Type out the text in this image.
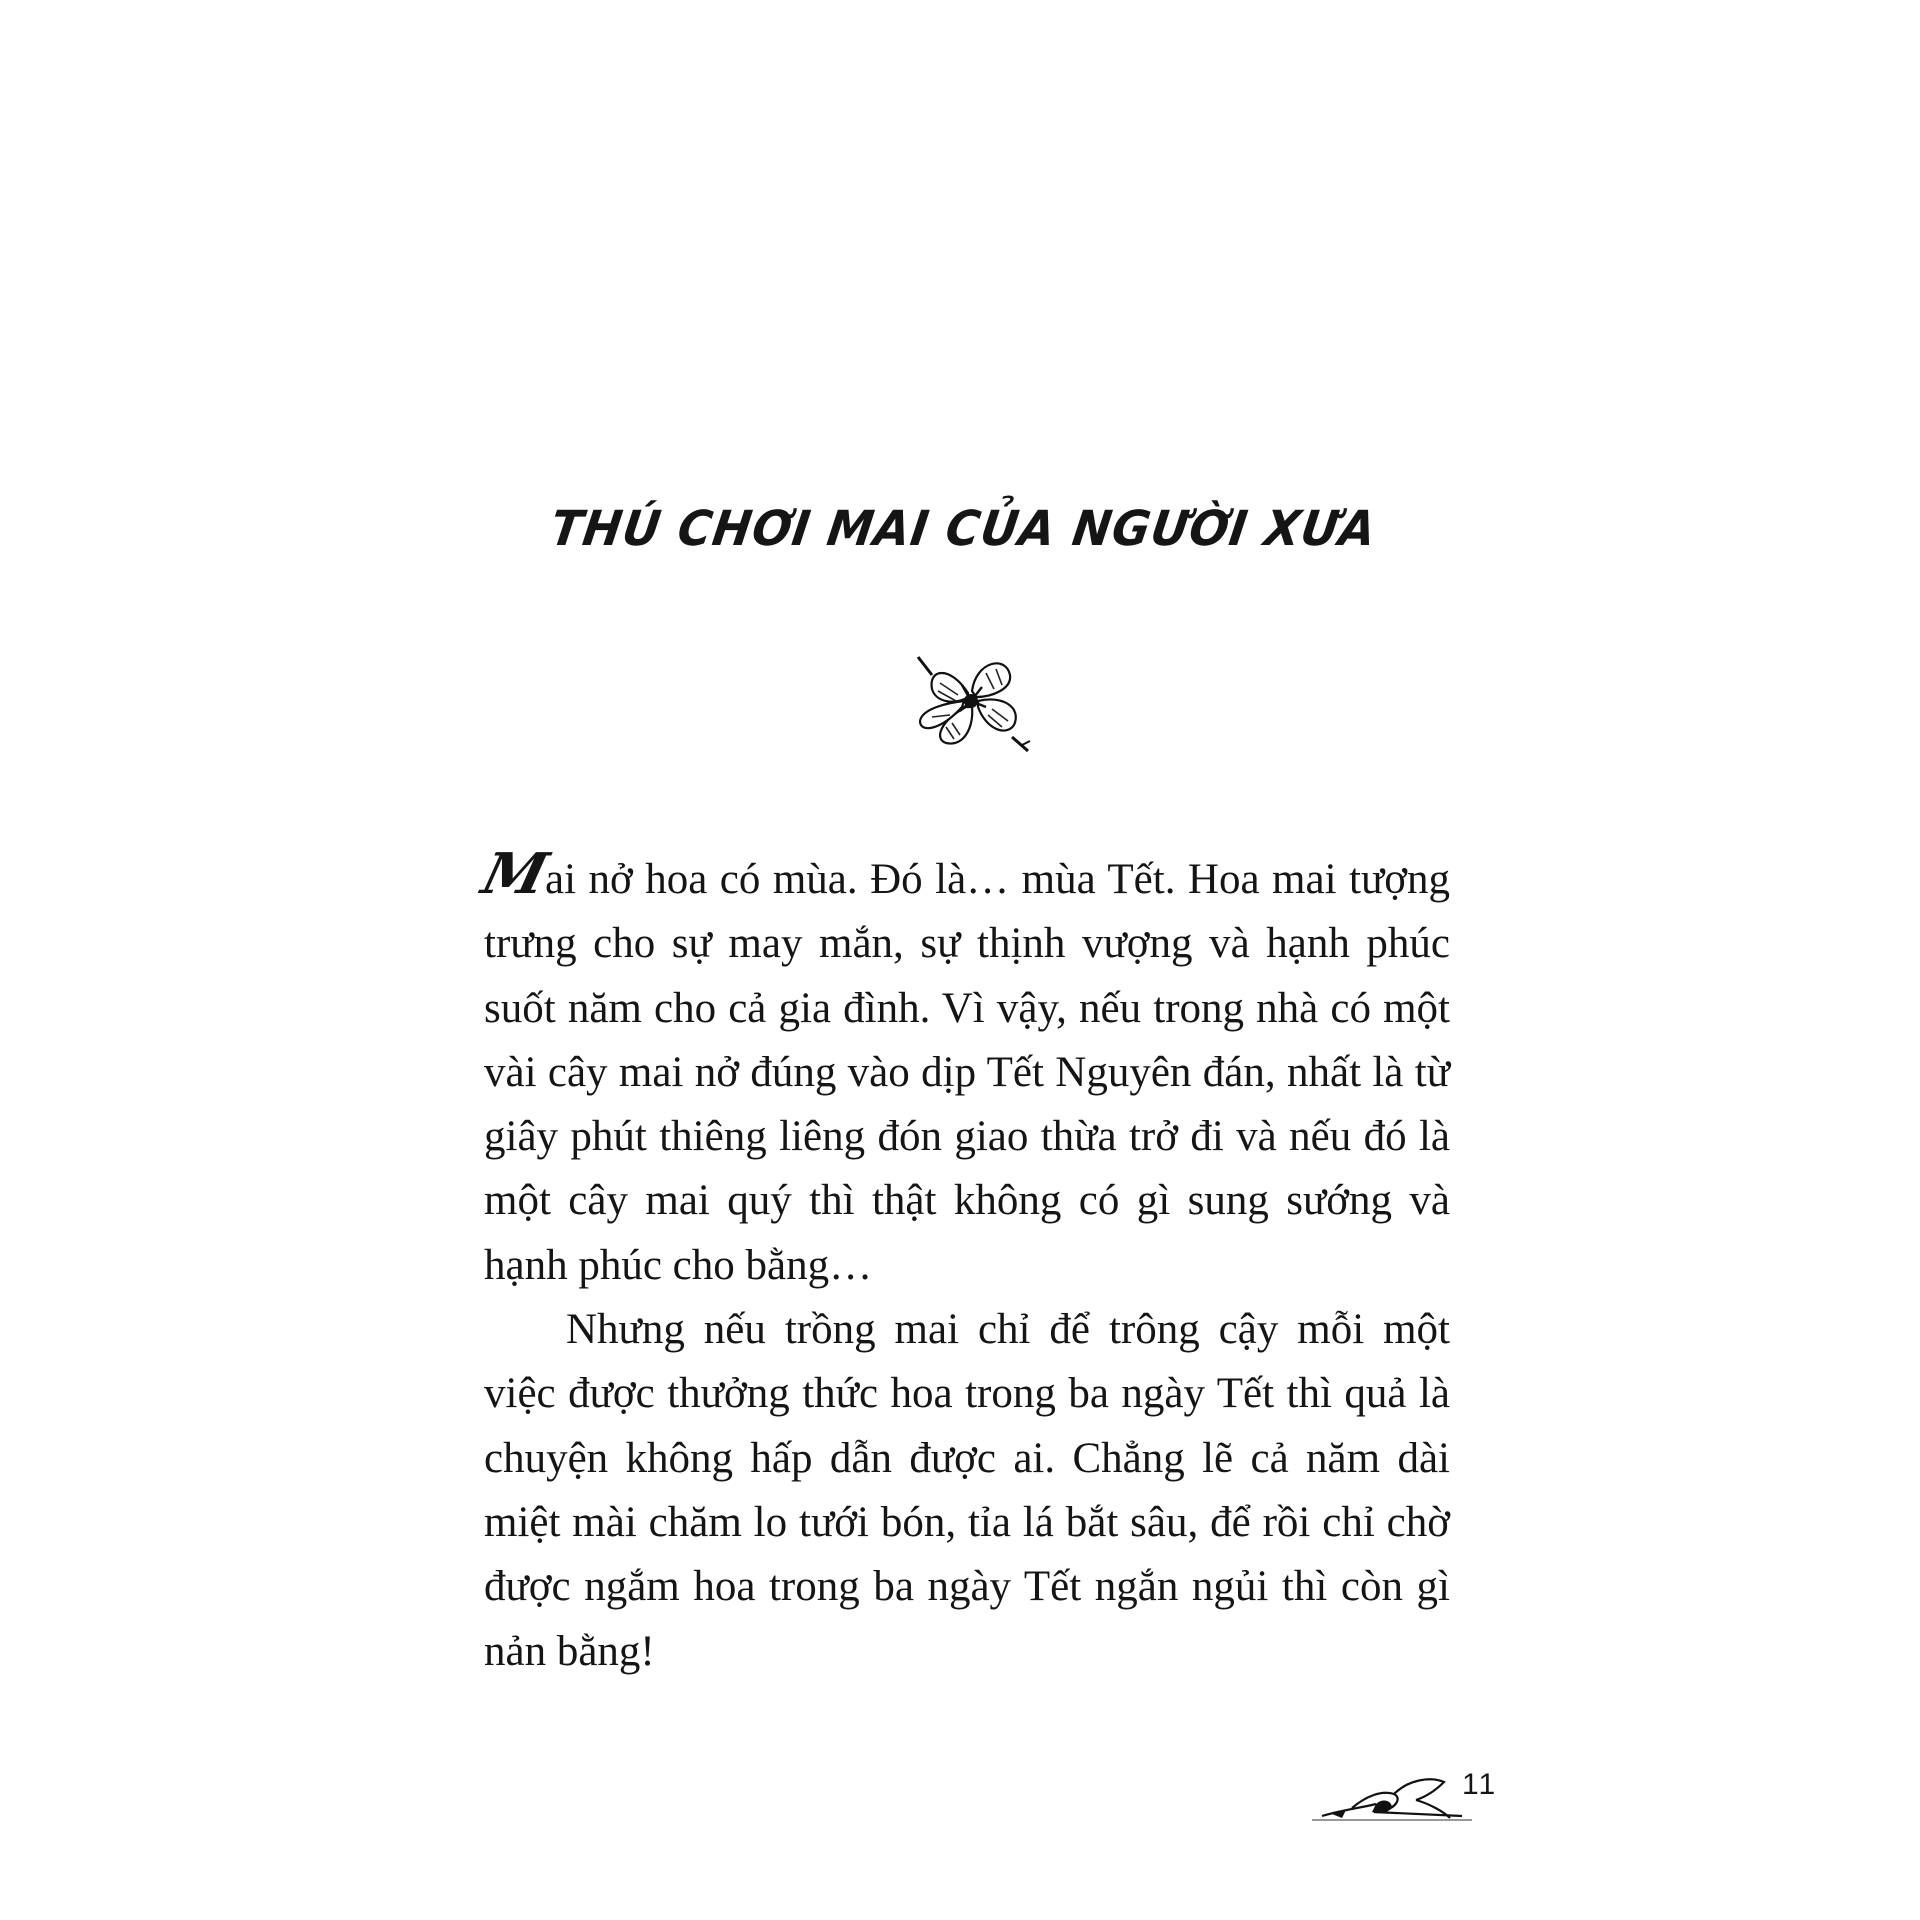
THÚ CHƠI MAI CỦA NGƯỜI XƯA

Mai nở hoa có mùa. Đó là… mùa Tết. Hoa mai tượng trưng cho sự may mắn, sự thịnh vượng và hạnh phúc suốt năm cho cả gia đình. Vì vậy, nếu trong nhà có một vài cây mai nở đúng vào dịp Tết Nguyên đán, nhất là từ giây phút thiêng liêng đón giao thừa trở đi và nếu đó là một cây mai quý thì thật không có gì sung sướng và hạnh phúc cho bằng…

Nhưng nếu trồng mai chỉ để trông cậy mỗi một việc được thưởng thức hoa trong ba ngày Tết thì quả là chuyện không hấp dẫn được ai. Chẳng lẽ cả năm dài miệt mài chăm lo tưới bón, tỉa lá bắt sâu, để rồi chỉ chờ được ngắm hoa trong ba ngày Tết ngắn ngủi thì còn gì nản bằng!

11
